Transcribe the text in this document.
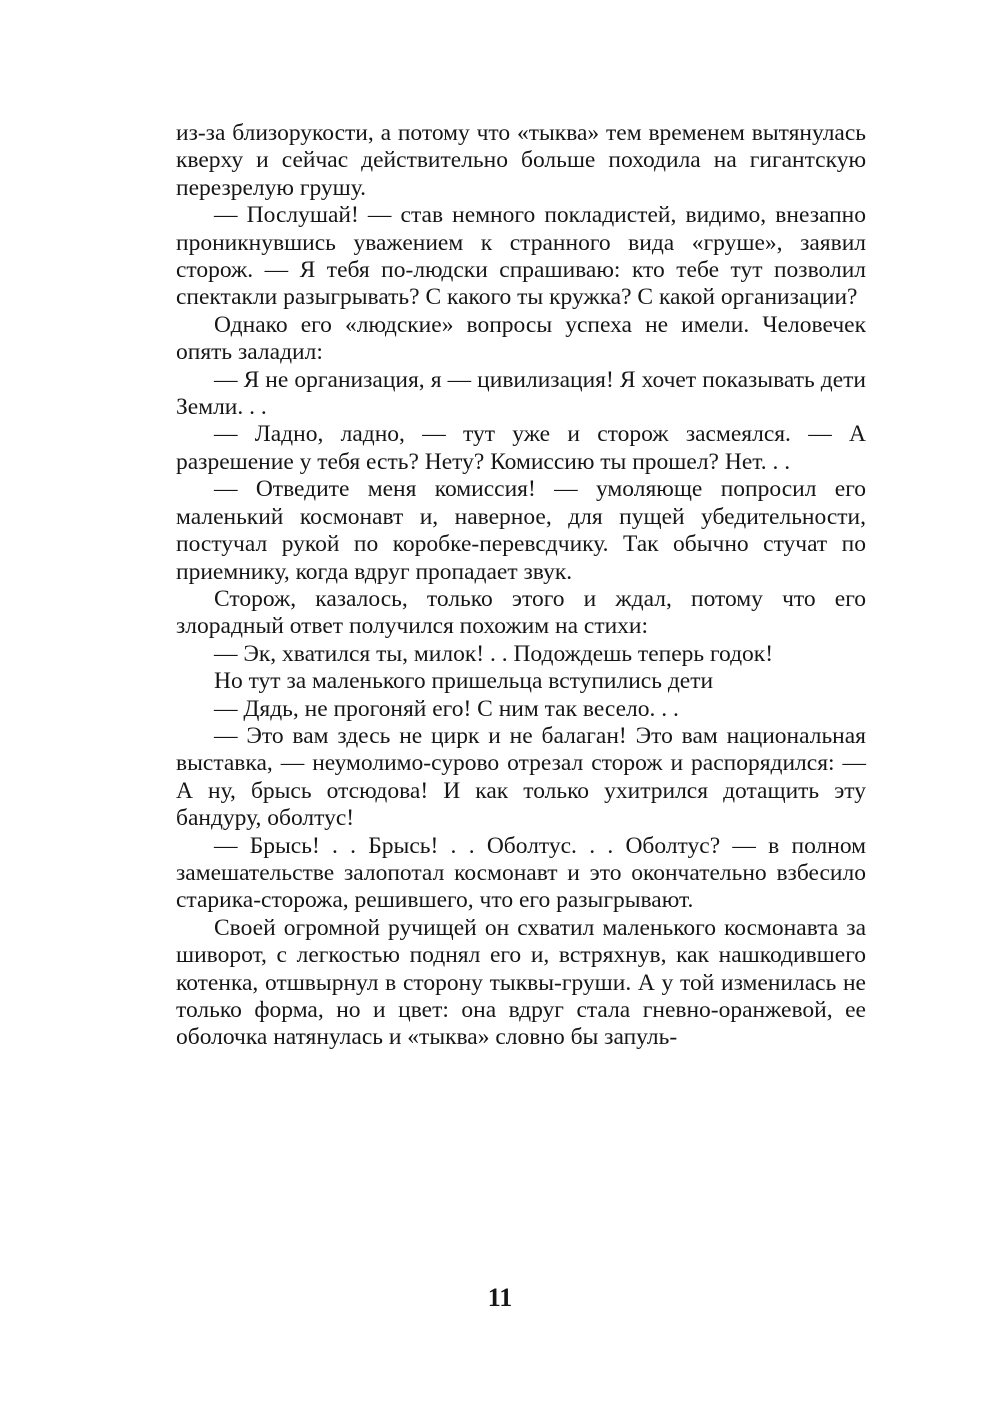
из-за близорукости, а потому что «тыква» тем временем вытянулась кверху и сейчас действительно больше походила на гигантскую перезрелую грушу.

— Послушай! — став немного покладистей, видимо, внезапно проникнувшись уважением к странного вида «груше», заявил сторож. — Я тебя по-людски спрашиваю: кто тебе тут позволил спектакли разыгрывать? С какого ты кружка? С какой организации?

Однако его «людские» вопросы успеха не имели. Человечек опять заладил:

— Я не организация, я — цивилизация! Я хочет показывать дети Земли. . .

— Ладно, ладно, — тут уже и сторож засмеялся. — А разрешение у тебя есть? Нету? Комиссию ты прошел? Нет. . .

— Отведите меня комиссия! — умоляюще попросил его маленький космонавт и, наверное, для пущей убедительности, постучал рукой по коробке-перевсдчику. Так обычно стучат по приемнику, когда вдруг пропадает звук.

Сторож, казалось, только этого и ждал, потому что его злорадный ответ получился похожим на стихи:

— Эк, хватился ты, милок! . . Подождешь теперь годок!

Но тут за маленького пришельца вступились дети

— Дядь, не прогоняй его! С ним так весело. . .

— Это вам здесь не цирк и не балаган! Это вам национальная выставка, — неумолимо-сурово отрезал сторож и распорядился: — А ну, брысь отсюдова! И как только ухитрился дотащить эту бандуру, оболтус!

— Брысь! . . Брысь! . . Оболтус. . . Оболтус? — в полном замешательстве залопотал космонавт и это окончательно взбесило старика-сторожа, решившего, что его разыгрывают.

Своей огромной ручищей он схватил маленького космонавта за шиворот, с легкостью поднял его и, встряхнув, как нашкодившего котенка, отшвырнул в сторону тыквы-груши. А у той изменилась не только форма, но и цвет: она вдруг стала гневно-оранжевой, ее оболочка натянулась и «тыква» словно бы запуль-

11
